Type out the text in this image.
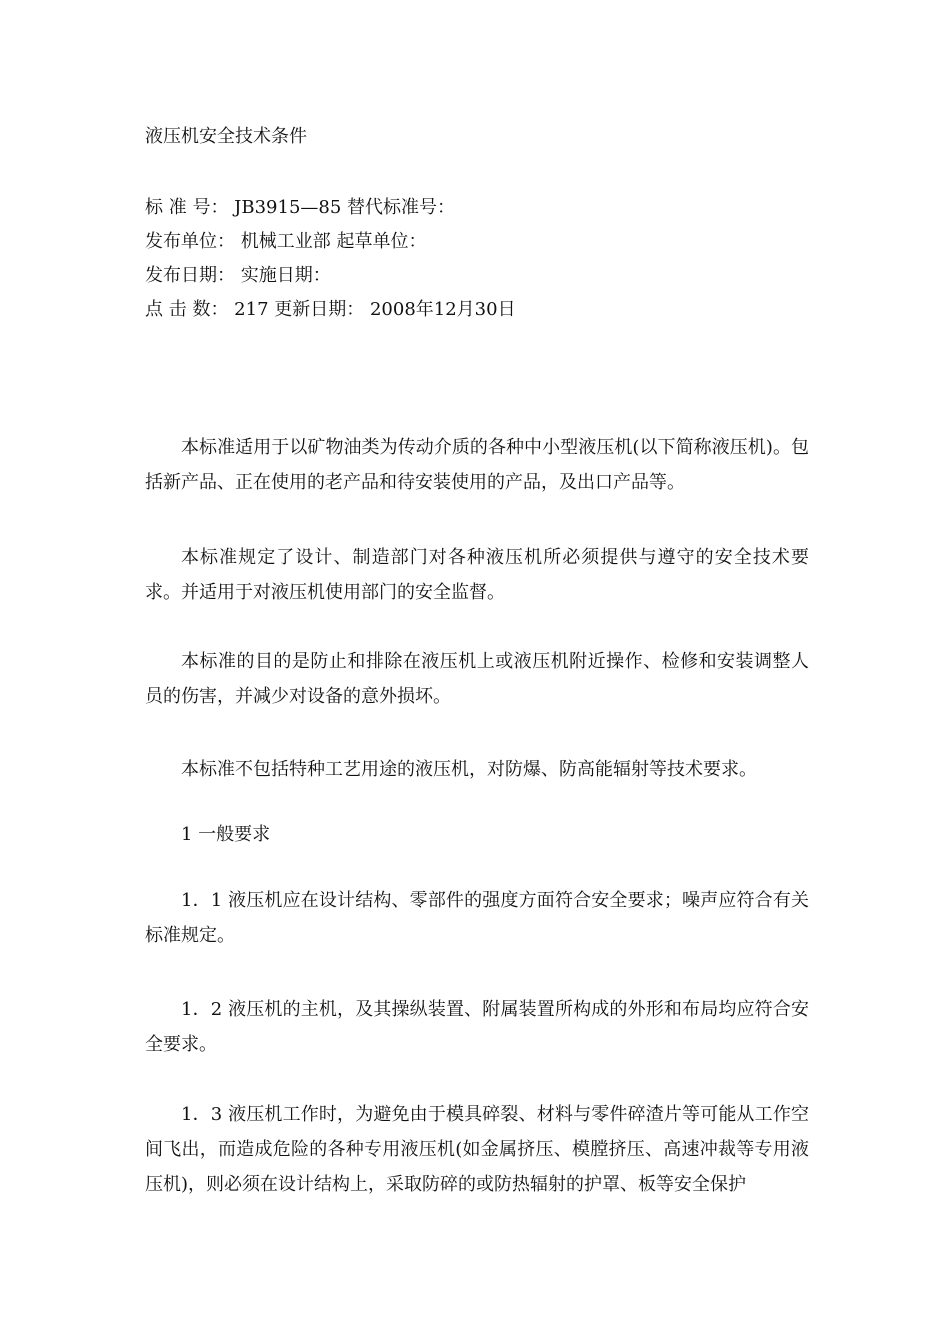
液压机安全技术条件
标 准 号： JB3915—85 替代标准号：
发布单位： 机械工业部 起草单位：
发布日期： 实施日期：
点 击 数： 217 更新日期： 2008年12月30日
本标准适用于以矿物油类为传动介质的各种中小型液压机(以下简称液压机)。包括新产品、正在使用的老产品和待安装使用的产品，及出口产品等。
本标准规定了设计、制造部门对各种液压机所必须提供与遵守的安全技术要求。并适用于对液压机使用部门的安全监督。
本标准的目的是防止和排除在液压机上或液压机附近操作、检修和安装调整人员的伤害，并减少对设备的意外损坏。
本标准不包括特种工艺用途的液压机，对防爆、防高能辐射等技术要求。
1 一般要求
1．1 液压机应在设计结构、零部件的强度方面符合安全要求；噪声应符合有关标准规定。
1．2 液压机的主机，及其操纵装置、附属装置所构成的外形和布局均应符合安全要求。
1．3 液压机工作时，为避免由于模具碎裂、材料与零件碎渣片等可能从工作空间飞出，而造成危险的各种专用液压机(如金属挤压、模膛挤压、高速冲裁等专用液压机)，则必须在设计结构上，采取防碎的或防热辐射的护罩、板等安全保护
